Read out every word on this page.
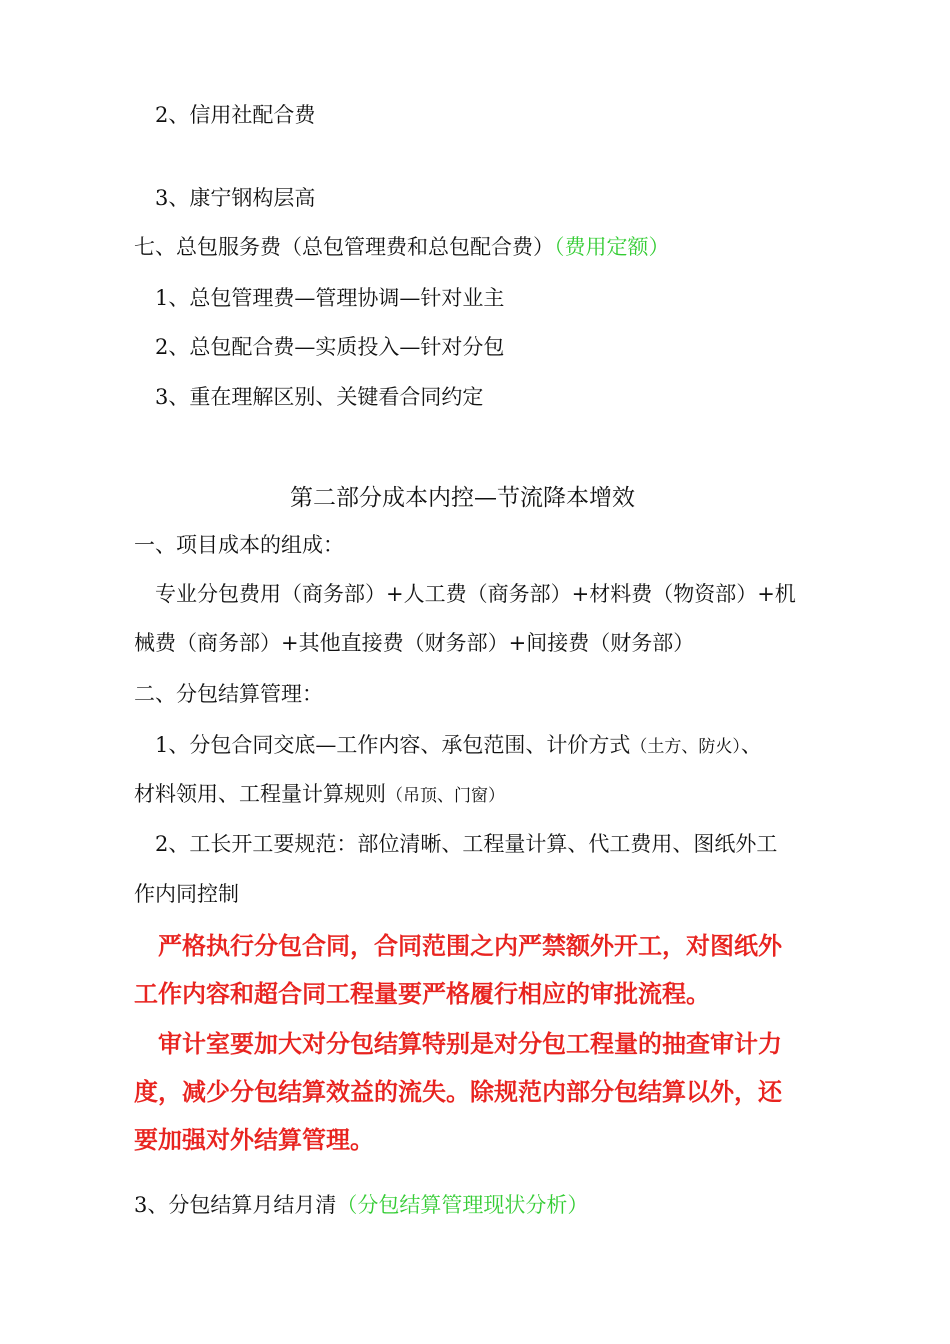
2、信用社配合费
3、康宁钢构层高
七、总包服务费（总包管理费和总包配合费）（费用定额）
1、总包管理费—管理协调—针对业主
2、总包配合费—实质投入—针对分包
3、重在理解区别、关键看合同约定
第二部分成本内控—节流降本增效
一、项目成本的组成：
专业分包费用（商务部）+人工费（商务部）+材料费（物资部）+机
械费（商务部）+其他直接费（财务部）+间接费（财务部）
二、分包结算管理：
1、分包合同交底—工作内容、承包范围、计价方式（土方、防火）、
材料领用、工程量计算规则（吊顶、门窗）
2、工长开工要规范：部位清晰、工程量计算、代工费用、图纸外工
作内同控制
严格执行分包合同，合同范围之内严禁额外开工，对图纸外
工作内容和超合同工程量要严格履行相应的审批流程。
审计室要加大对分包结算特别是对分包工程量的抽查审计力
度，减少分包结算效益的流失。除规范内部分包结算以外，还
要加强对外结算管理。
3、分包结算月结月清（分包结算管理现状分析）
